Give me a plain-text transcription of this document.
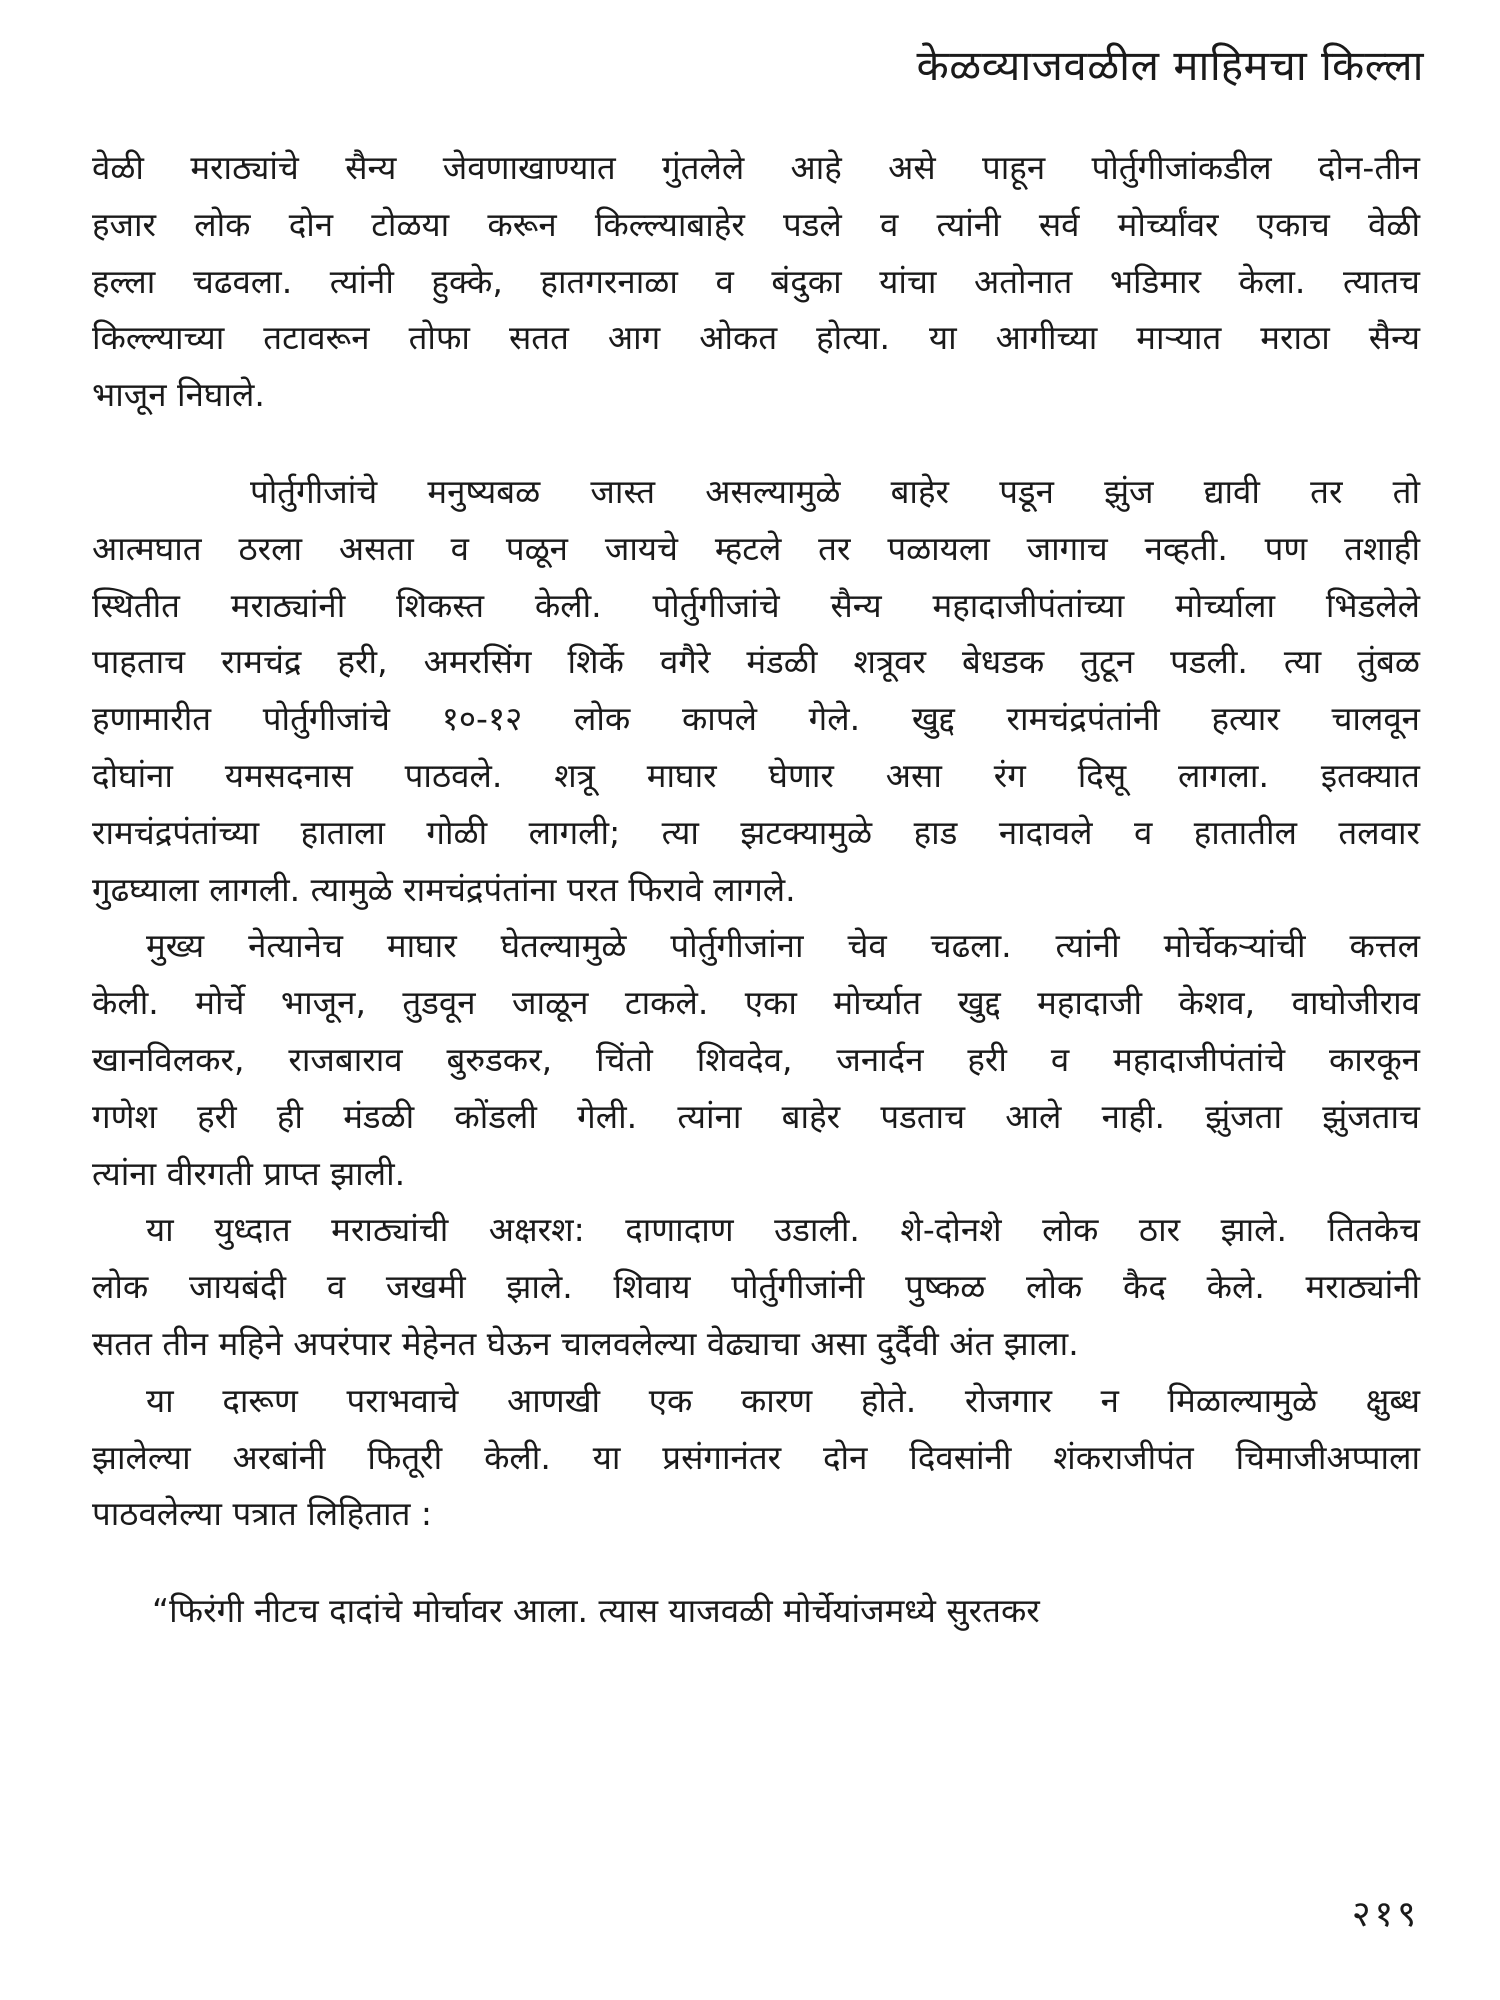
केळव्याजवळील माहिमचा किल्ला
वेळी मराठ्यांचे सैन्य जेवणाखाण्यात गुंतलेले आहे असे पाहून पोर्तुगीजांकडील दोन-तीन
हजार लोक दोन टोळया करून किल्ल्याबाहेर पडले व त्यांनी सर्व मोर्च्यांवर एकाच वेळी
हल्ला चढवला. त्यांनी हुक्के, हातगरनाळा व बंदुका यांचा अतोनात भडिमार केला. त्यातच
किल्ल्याच्या तटावरून तोफा सतत आग ओकत होत्या. या आगीच्या माऱ्यात मराठा सैन्य
भाजून निघाले.
पोर्तुगीजांचे मनुष्यबळ जास्त असल्यामुळे बाहेर पडून झुंज द्यावी तर तो
आत्मघात ठरला असता व पळून जायचे म्हटले तर पळायला जागाच नव्हती. पण तशाही
स्थितीत मराठ्यांनी शिकस्त केली. पोर्तुगीजांचे सैन्य महादाजीपंतांच्या मोर्च्याला भिडलेले
पाहताच रामचंद्र हरी, अमरसिंग शिर्के वगैरे मंडळी शत्रूवर बेधडक तुटून पडली. त्या तुंबळ
हणामारीत पोर्तुगीजांचे १०-१२ लोक कापले गेले. खुद्द रामचंद्रपंतांनी हत्यार चालवून
दोघांना यमसदनास पाठवले. शत्रू माघार घेणार असा रंग दिसू लागला. इतक्यात
रामचंद्रपंतांच्या हाताला गोळी लागली; त्या झटक्यामुळे हाड नादावले व हातातील तलवार
गुढघ्याला लागली. त्यामुळे रामचंद्रपंतांना परत फिरावे लागले.
मुख्य नेत्यानेच माघार घेतल्यामुळे पोर्तुगीजांना चेव चढला. त्यांनी मोर्चेकऱ्यांची कत्तल
केली. मोर्चे भाजून, तुडवून जाळून टाकले. एका मोर्च्यात खुद्द महादाजी केशव, वाघोजीराव
खानविलकर, राजबाराव बुरुडकर, चिंतो शिवदेव, जनार्दन हरी व महादाजीपंतांचे कारकून
गणेश हरी ही मंडळी कोंडली गेली. त्यांना बाहेर पडताच आले नाही. झुंजता झुंजताच
त्यांना वीरगती प्राप्त झाली.
या युध्दात मराठ्यांची अक्षरश: दाणादाण उडाली. शे-दोनशे लोक ठार झाले. तितकेच
लोक जायबंदी व जखमी झाले. शिवाय पोर्तुगीजांनी पुष्कळ लोक कैद केले. मराठ्यांनी
सतत तीन महिने अपरंपार मेहेनत घेऊन चालवलेल्या वेढ्याचा असा दुर्दैवी अंत झाला.
या दारूण पराभवाचे आणखी एक कारण होते. रोजगार न मिळाल्यामुळे क्षुब्ध
झालेल्या अरबांनी फितूरी केली. या प्रसंगानंतर दोन दिवसांनी शंकराजीपंत चिमाजीअप्पाला
पाठवलेल्या पत्रात लिहितात :
“फिरंगी नीटच दादांचे मोर्चावर आला. त्यास याजवळी मोर्चेयांजमध्ये सुरतकर
२१९
